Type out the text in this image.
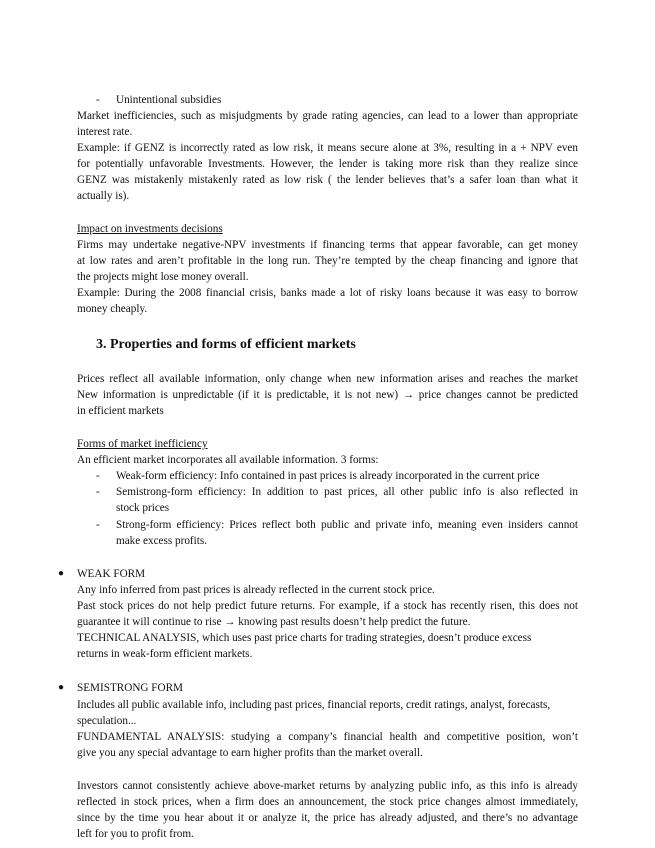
- Unintentional subsidies
Market inefficiencies, such as misjudgments by grade rating agencies, can lead to a lower than appropriate
interest rate.
Example: if GENZ is incorrectly rated as low risk, it means secure alone at 3%, resulting in a + NPV even
for potentially unfavorable Investments. However, the lender is taking more risk than they realize since
GENZ was mistakenly mistakenly rated as low risk ( the lender believes that’s a safer loan than what it
actually is).
Impact on investments decisions
Firms may undertake negative-NPV investments if financing terms that appear favorable, can get money
at low rates and aren’t profitable in the long run. They’re tempted by the cheap financing and ignore that
the projects might lose money overall.
Example: During the 2008 financial crisis, banks made a lot of risky loans because it was easy to borrow
money cheaply.
3. Properties and forms of efficient markets
Prices reflect all available information, only change when new information arises and reaches the market
New information is unpredictable (if it is predictable, it is not new) → price changes cannot be predicted
in efficient markets
Forms of market inefficiency
An efficient market incorporates all available information. 3 forms:
- Weak-form efficiency: Info contained in past prices is already incorporated in the current price
- Semistrong-form efficiency: In addition to past prices, all other public info is also reflected in
stock prices
- Strong-form efficiency: Prices reflect both public and private info, meaning even insiders cannot
make excess profits.
● WEAK FORM
Any info inferred from past prices is already reflected in the current stock price.
Past stock prices do not help predict future returns. For example, if a stock has recently risen, this does not
guarantee it will continue to rise → knowing past results doesn’t help predict the future.
TECHNICAL ANALYSIS, which uses past price charts for trading strategies, doesn’t produce excess
returns in weak-form efficient markets.
● SEMISTRONG FORM
Includes all public available info, including past prices, financial reports, credit ratings, analyst, forecasts,
speculation...
FUNDAMENTAL ANALYSIS: studying a company’s financial health and competitive position, won’t
give you any special advantage to earn higher profits than the market overall.
Investors cannot consistently achieve above-market returns by analyzing public info, as this info is already
reflected in stock prices, when a firm does an announcement, the stock price changes almost immediately,
since by the time you hear about it or analyze it, the price has already adjusted, and there’s no advantage
left for you to profit from.
